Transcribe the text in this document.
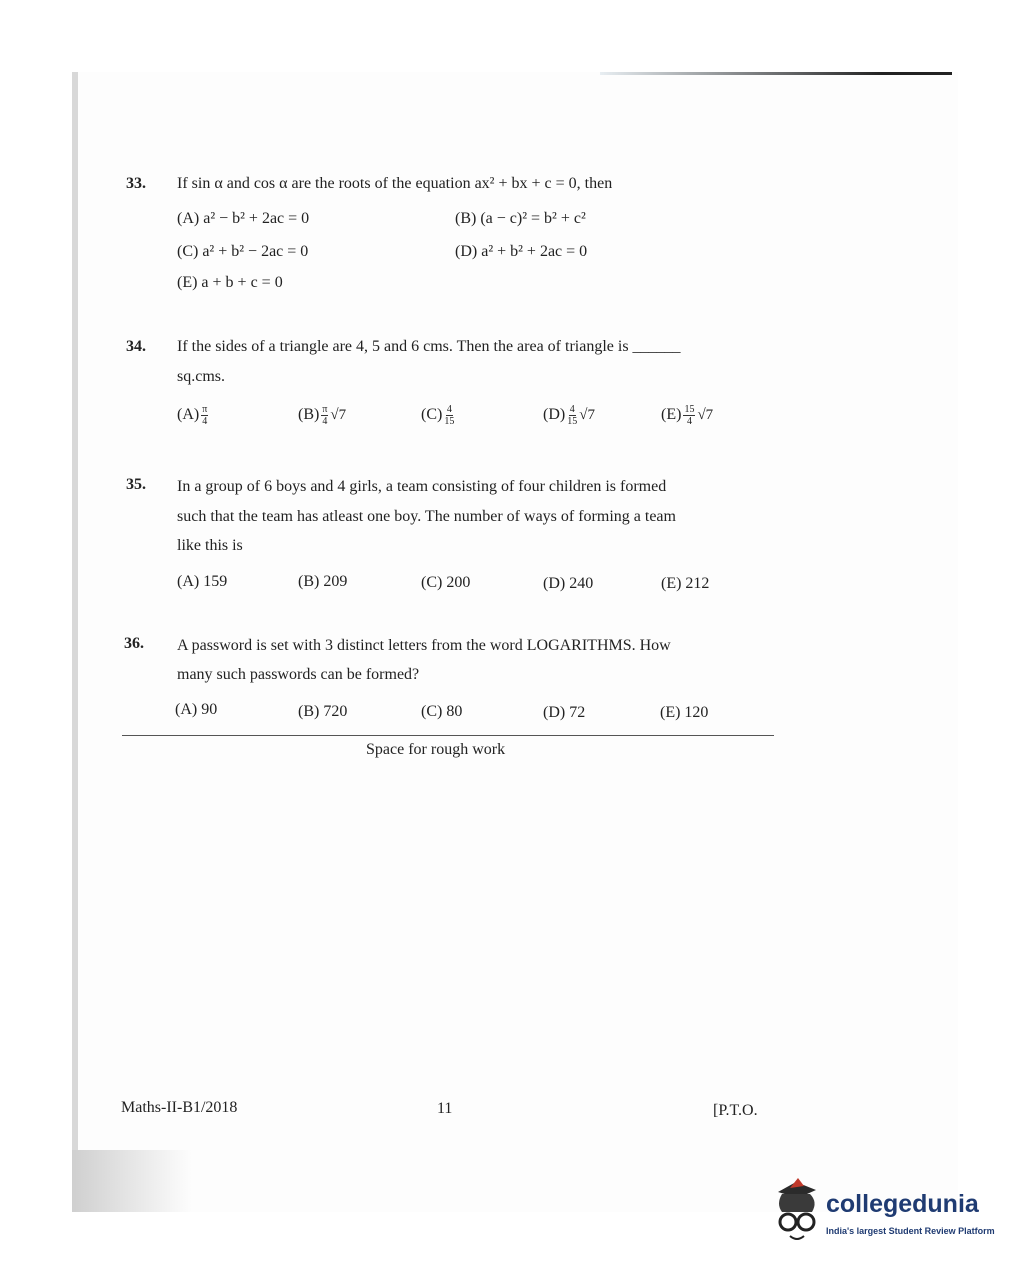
33. If sin α and cos α are the roots of the equation ax² + bx + c = 0, then
(A) a² − b² + 2ac = 0	(B) (a − c)² = b² + c²
(C) a² + b² − 2ac = 0	(D) a² + b² + 2ac = 0
(E) a + b + c = 0
34. If the sides of a triangle are 4, 5 and 6 cms. Then the area of triangle is ______
sq.cms.
$(A) \frac{\pi}{4}$	$(B) \frac{\pi}{4} √7$	$(C) \frac{4}{15}$	$(D) \frac{4}{15} √7$	$(E) \frac{15}{4} √7$
35. In a group of 6 boys and 4 girls, a team consisting of four children is formed
such that the team has atleast one boy. The number of ways of forming a team
like this is
(A) 159	(B) 209	(C) 200	(D) 240	(E) 212
36. A password is set with 3 distinct letters from the word LOGARITHMS. How
many such passwords can be formed?
(A) 90	(B) 720	(C) 80	(D) 72	(E) 120
Space for rough work
Maths-II-B1/2018	11	[P.T.O.
collegedunia
India's largest Student Review Platform
